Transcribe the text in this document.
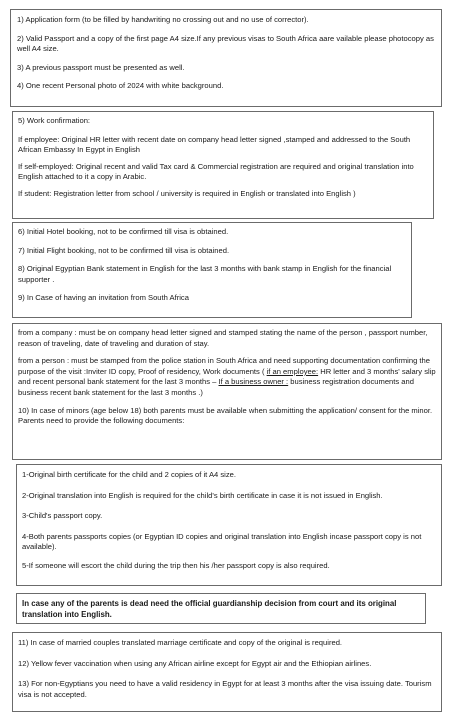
1) Application form (to be filled by handwriting no crossing out and no use of corrector).

2) Valid Passport and a copy of the first page A4 size.If any previous visas to South Africa aare vailable please photocopy as well A4 size.

3) A previous passport must be presented as well.

4) One recent Personal photo of 2024 with white background.

5) Work confirmation:

If employee: Original HR letter with recent date on company head letter signed ,stamped and addressed to the South African Embassy In Egypt in English

If self-employed: Original recent and valid Tax card & Commercial registration are required and original translation into English attached to it a copy in Arabic.

If student: Registration letter from school / university is required in English or translated into English )

6) Initial Hotel booking, not to be confirmed till visa is obtained.

7) Initial Flight booking, not to be confirmed till visa is obtained.

8) Original Egyptian Bank statement in English for the last 3 months with bank stamp in English for the financial supporter .

9) In Case of having an invitation from South Africa

from a company : must be on company head letter signed and stamped stating the name of the person , passport number, reason of traveling, date of traveling and duration of stay.

from a person : must be stamped from the police station in South Africa and need supporting documentation confirming the purpose of the visit :Inviter ID copy, Proof of residency, Work documents ( if an employee: HR letter and 3 months' salary slip and recent personal bank statement for the last 3 months – If a business owner : business registration documents and business recent bank statement for the last 3 months .)

10) In case of minors (age below 18) both parents must be available when submitting the application/ consent for the minor. Parents need to provide the following documents:

1-Original birth certificate for the child and 2 copies of it A4 size.

2-Original translation into English is required for the child's birth certificate in case it is not issued in English.

3-Child's passport copy.

4-Both parents passports copies (or Egyptian ID copies and original translation into English incase passport copy is not available).

5-If someone will escort the child during the trip then his /her passport copy is also required.

In case any of the parents is dead need the official guardianship decision from court and its original translation into English.

11) In case of married couples translated marriage certificate and copy of the original is required.

12) Yellow fever vaccination when using any African airline except for Egypt air and the Ethiopian airlines.

13) For non-Egyptians you need to have a valid residency in Egypt for at least 3 months after the visa issuing date. Tourism visa is not accepted.
